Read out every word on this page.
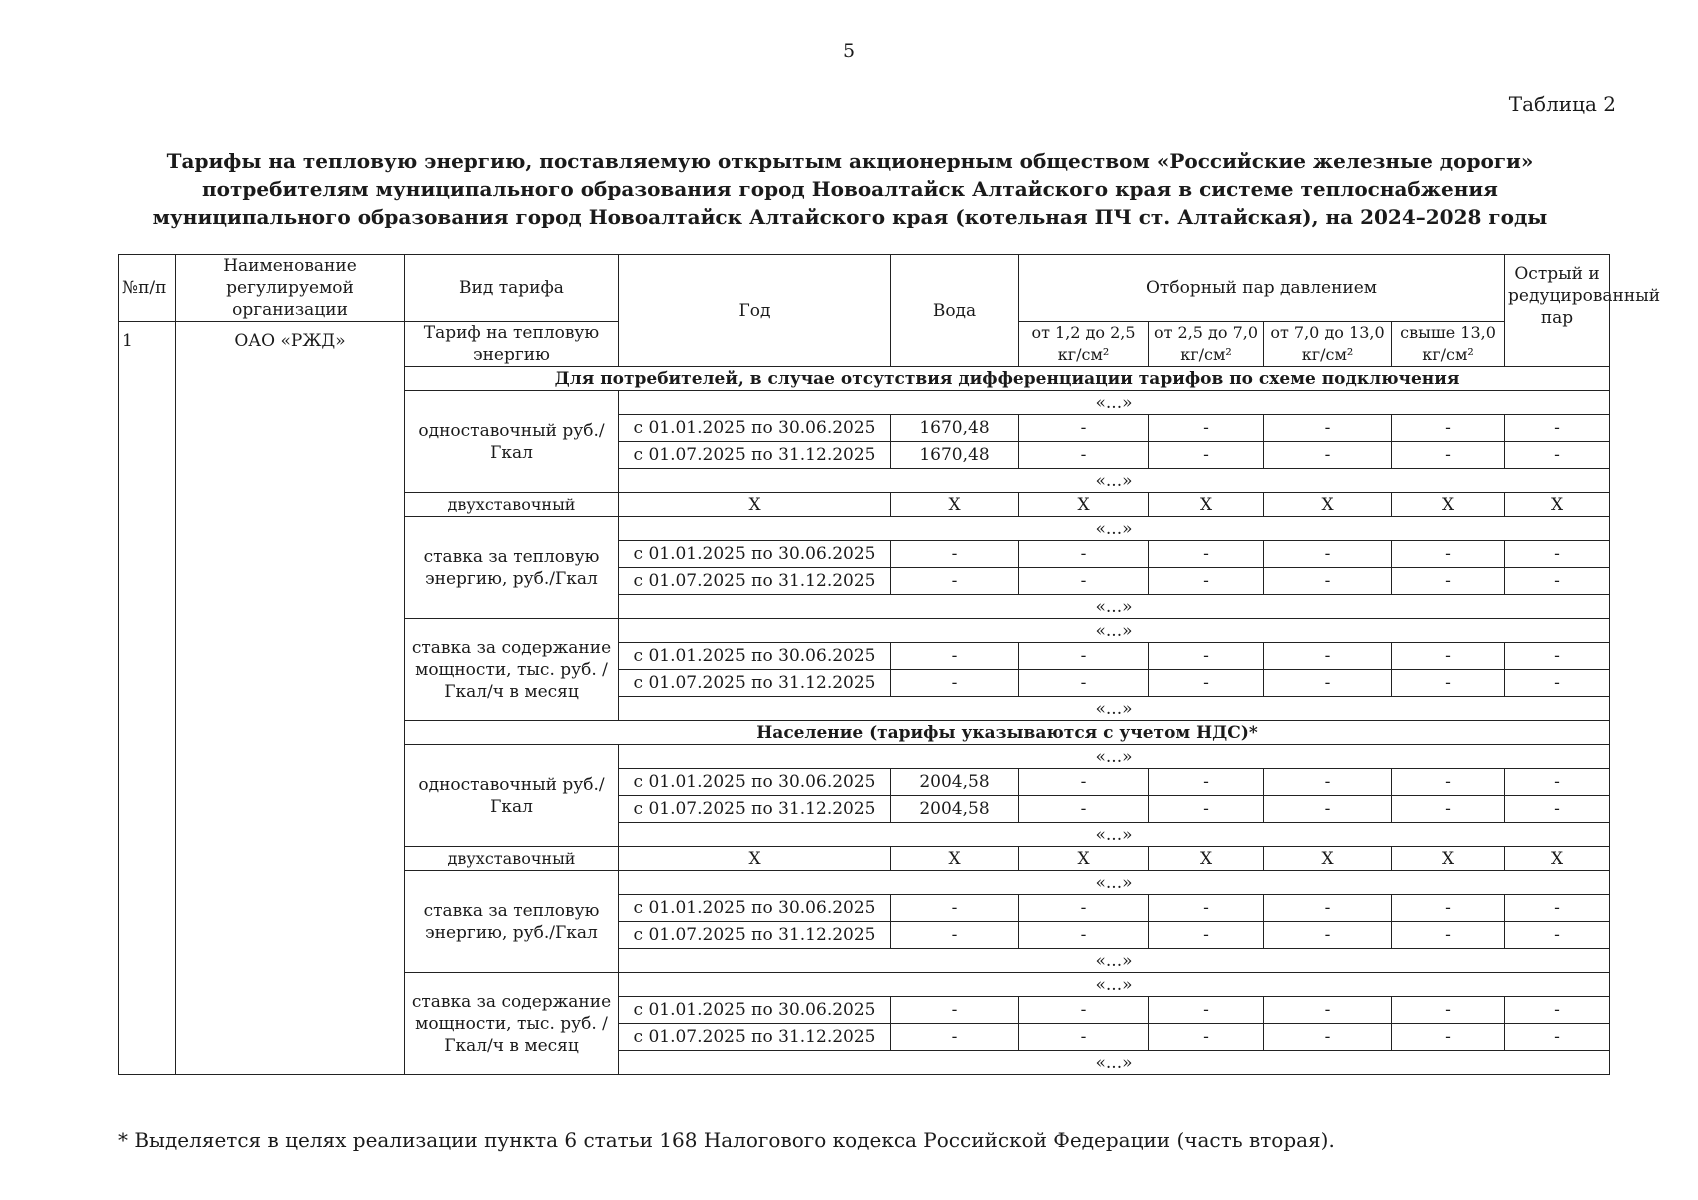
5
Таблица 2
Тарифы на тепловую энергию, поставляемую открытым акционерным обществом «Российские железные дороги» потребителям муниципального образования город Новоалтайск Алтайского края в системе теплоснабжения муниципального образования город Новоалтайск Алтайского края (котельная ПЧ ст. Алтайская), на 2024–2028 годы
№п/п	Наименование регулируемой организации	Вид тарифа	Год	Вода	Отборный пар давлением				Острый и редуцированный пар
1	ОАО «РЖД»	Тариф на тепловую энергию			от 1,2 до 2,5 кг/см²	от 2,5 до 7,0 кг/см²	от 7,0 до 13,0 кг/см²	свыше 13,0 кг/см²	
		Для потребителей, в случае отсутствия дифференциации тарифов по схеме подключения							
		одноставочный руб./Гкал	«...»						
			с 01.01.2025 по 30.06.2025	1670,48	-	-	-	-	-
			с 01.07.2025 по 31.12.2025	1670,48	-	-	-	-	-
			«...»						
		двухставочный	X	X	X	X	X	X	X
		ставка за тепловую энергию, руб./Гкал	«...»						
			с 01.01.2025 по 30.06.2025	-	-	-	-	-	-
			с 01.07.2025 по 31.12.2025	-	-	-	-	-	-
			«...»						
		ставка за содержание мощности, тыс. руб. /Гкал/ч в месяц	«...»						
			с 01.01.2025 по 30.06.2025	-	-	-	-	-	-
			с 01.07.2025 по 31.12.2025	-	-	-	-	-	-
			«...»						
		Население (тарифы указываются с учетом НДС)*							
		одноставочный руб./Гкал	«...»						
			с 01.01.2025 по 30.06.2025	2004,58	-	-	-	-	-
			с 01.07.2025 по 31.12.2025	2004,58	-	-	-	-	-
			«...»						
		двухставочный	X	X	X	X	X	X	X
		ставка за тепловую энергию, руб./Гкал	«...»						
			с 01.01.2025 по 30.06.2025	-	-	-	-	-	-
			с 01.07.2025 по 31.12.2025	-	-	-	-	-	-
			«...»						
		ставка за содержание мощности, тыс. руб. /Гкал/ч в месяц	«...»						
			с 01.01.2025 по 30.06.2025	-	-	-	-	-	-
			с 01.07.2025 по 31.12.2025	-	-	-	-	-	-
			«...»						
* Выделяется в целях реализации пункта 6 статьи 168 Налогового кодекса Российской Федерации (часть вторая).
